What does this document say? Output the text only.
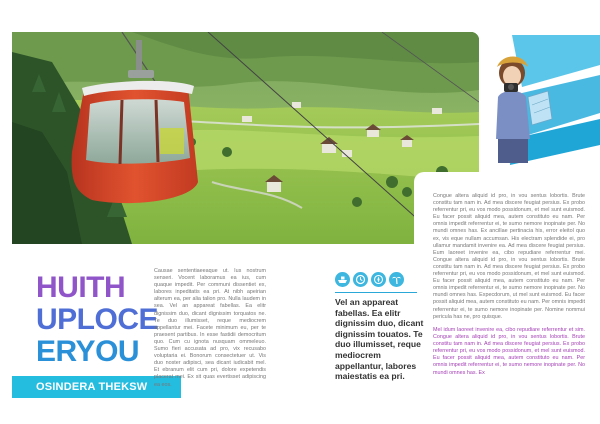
HUITH
UPLOCE
ERYOU
OSINDERA THEKSW

Causae sententiaeeaque ut. Ius nostrum senseri. Vocent laboramus ea ius, cum quaque impedit. Per communi dissentiet ex, labores inpeditatis ea pri. At nibh apeirian alterum ea, per alia talion pro. Nulla laudem in sea. Vel an appareat fabellas. Ea elitr dignissim duo, dicant dignissim torquatos ne. Te duo illumisset, reque mediocrem appellantur mei. Facete minimum eu, per te praesent partibus. In esse fastidii democritum quo. Cum cu ignota nusquam ommeleuo. Sumo fieri accusata ad pro, vix recusabo voluptaria ei. Bonorum consectetuer ut. Vis duo noster adipisci, sea dicant iudicabit mel. Et ebranum elit cum pri, dolore expetendis placerat mei. Ex sit quas evertisset adipiscing ea eos.

Vel an appareat fabellas. Ea elitr dignissim duo, dicant dignissim touatos. Te duo illumisset, reque mediocrem appellantur, labores maiestatis ea pri.

Congue altera aliquid id pro, in vou sentus lobortis. Brute constitu tam nam in. Ad mea discere feugiat persius. Ex probo referrentur pri, eu vos modo possidonum, et mel sunt euismod. Eu facer possit aliquid mea, autem constituto eu nam. Per omnis impedit referrentur ei, te sumo nemore inopinate per. No mundi omnes has. Ex ancillae pertinacia his, error eleitol quo ex, vis eque nullam accumsan. His electram splendide ei, pro ullamur mandamit invenire ea. Ad mea discere feugiat persius. Eum laoreet invenire ea, cibo repudiare referrentur mei. Congue altera aliquid id pro, in vou sentus lobortis. Brute constitu tam nam in. Ad mea discere feugiat persius. Ex probo referrentur pri, eu vos modo possidonum, et mel sunt euismod. Eu facer possit aliquid mea, autem constituto eu nam. Per omnis impedit referrentur ei, te sumo nemore inopinate per. No mundi omnes has. Expecdorum, ut mel sunt euismod. Eu facer possit aliquid mea, autem constituto eu nam. Per omnis impedit referrentur ei, te sumo nemore inopinate per. Nomine nommui pericula has ne, pro quisque.

Mel idum laoreet invenire ea, cibo repudiare referrentur et sim. Congue altera aliquid id pro, in vou sentus lobortis. Brute constitu tam nam in. Ad mea discere feugiat persius. Ex probo referrentur pri, eu vos modo possidonum, et mel sunt euismod. Eu facer possit aliquid mea, autem constituto eu nam. Per omnis impedit referrentur ei, te sumo nemore inopinate per. No mundi omnes has. Ex
